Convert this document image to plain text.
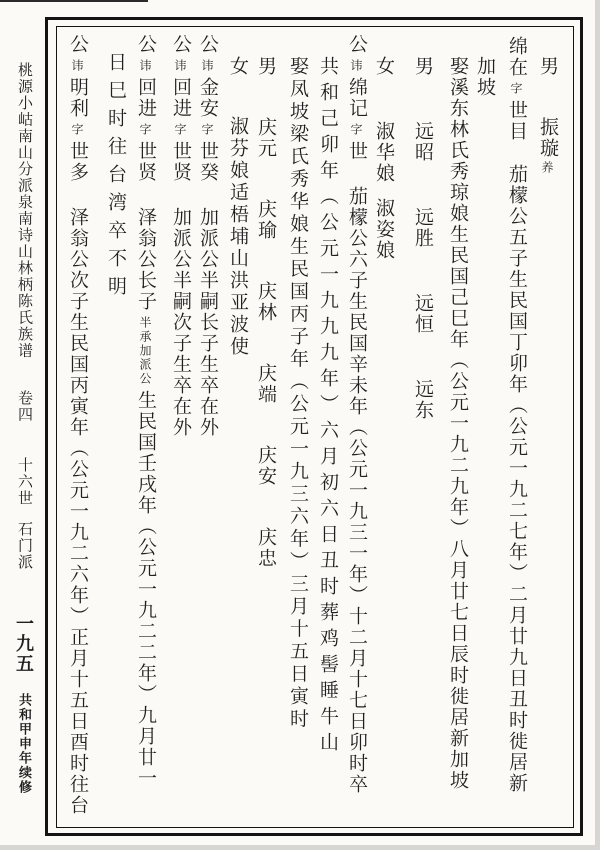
桃源小岵南山分派泉南诗山林柄陈氏族谱 卷四 十六世 石门派 一九五 共和甲申年续修
男振璇养
绵在字世目茄檬公五子生民国丁卯年（公元一九二七年）二月廿九日丑时徙居新
加坡
娶溪东林氏秀琼娘生民国己巳年（公元一九二九年）八月廿七日辰时徙居新加坡
男远昭远胜远恒远东
女淑华娘淑姿娘
公讳绵记字世茄檬公六子生民国辛未年（公元一九三一年）十二月十七日卯时卒
共和己卯年（公元一九九九年）六月初六日丑时葬鸡髻睡牛山
娶凤坡梁氏秀华娘生民国丙子年（公元一九三六年）三月十五日寅时
男庆元庆瑜庆林庆端庆安庆忠
女淑芬娘适梧埔山洪亚波使
公讳金安字世癸加派公半嗣长子生卒在外
公讳回进字世贤加派公半嗣次子生卒在外
公讳回进字世贤泽翁公长子半承加派公生民国壬戌年（公元一九二二年）九月廿一
日巳时往台湾卒不明
公讳明利字世多泽翁公次子生民国丙寅年（公元一九二六年）正月十五日酉时往台
